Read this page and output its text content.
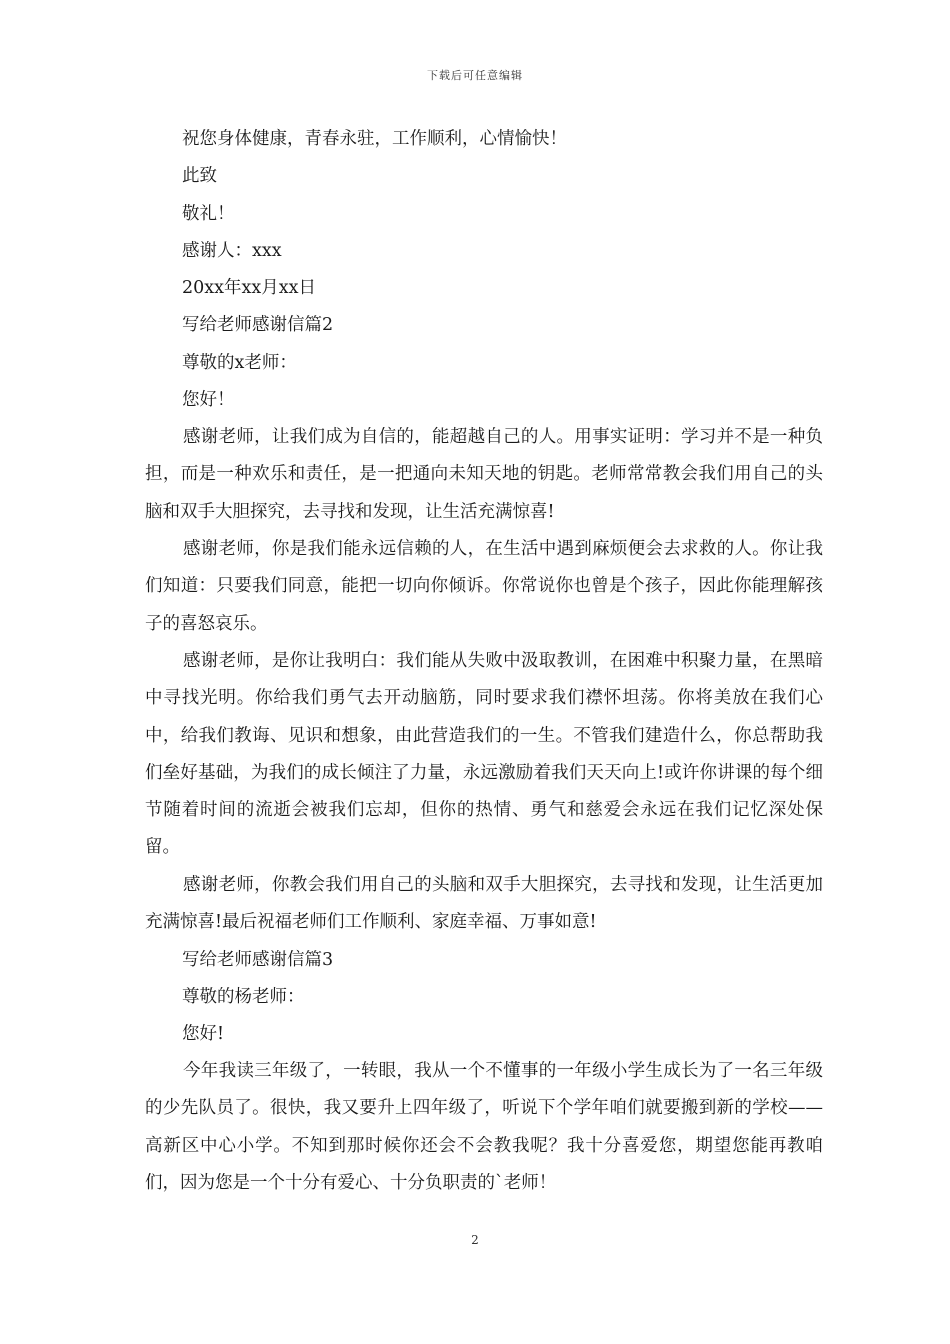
下载后可任意编辑
祝您身体健康，青春永驻，工作顺利，心情愉快！
此致
敬礼！
感谢人：xxx
20xx年xx月xx日
写给老师感谢信篇2
尊敬的x老师：
您好！
感谢老师，让我们成为自信的，能超越自己的人。用事实证明：学习并不是一种负担，而是一种欢乐和责任，是一把通向未知天地的钥匙。老师常常教会我们用自己的头脑和双手大胆探究，去寻找和发现，让生活充满惊喜!
感谢老师，你是我们能永远信赖的人，在生活中遇到麻烦便会去求救的人。你让我们知道：只要我们同意，能把一切向你倾诉。你常说你也曾是个孩子，因此你能理解孩子的喜怒哀乐。
感谢老师，是你让我明白：我们能从失败中汲取教训，在困难中积聚力量，在黑暗中寻找光明。你给我们勇气去开动脑筋，同时要求我们襟怀坦荡。你将美放在我们心中，给我们教诲、见识和想象，由此营造我们的一生。不管我们建造什么，你总帮助我们垒好基础，为我们的成长倾注了力量，永远激励着我们天天向上!或许你讲课的每个细节随着时间的流逝会被我们忘却，但你的热情、勇气和慈爱会永远在我们记忆深处保留。
感谢老师，你教会我们用自己的头脑和双手大胆探究，去寻找和发现，让生活更加充满惊喜!最后祝福老师们工作顺利、家庭幸福、万事如意!
写给老师感谢信篇3
尊敬的杨老师：
您好!
今年我读三年级了，一转眼，我从一个不懂事的一年级小学生成长为了一名三年级的少先队员了。很快，我又要升上四年级了，听说下个学年咱们就要搬到新的学校——高新区中心小学。不知到那时候你还会不会教我呢？我十分喜爱您，期望您能再教咱们，因为您是一个十分有爱心、十分负职责的`老师！
2
